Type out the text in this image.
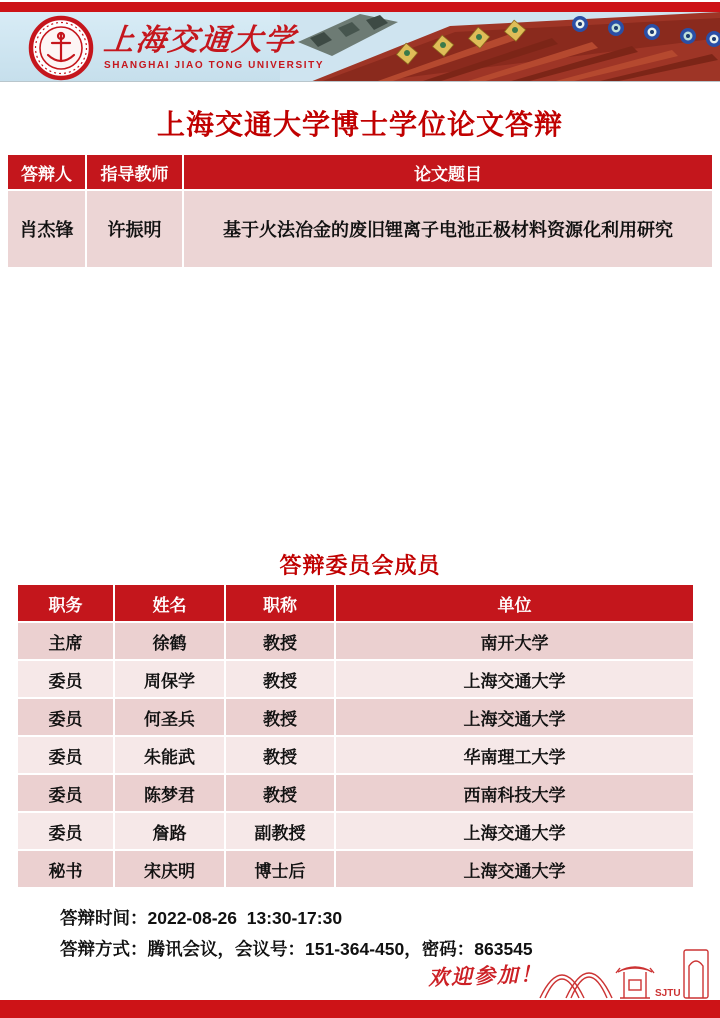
上海交通大学
SHANGHAI JIAO TONG UNIVERSITY
上海交通大学博士学位论文答辩
答辩人	指导教师	论文题目
肖杰锋	许振明	基于火法冶金的废旧锂离子电池正极材料资源化利用研究
答辩委员会成员
职务	姓名	职称	单位
主席	徐鹤	教授	南开大学
委员	周保学	教授	上海交通大学
委员	何圣兵	教授	上海交通大学
委员	朱能武	教授	华南理工大学
委员	陈梦君	教授	西南科技大学
委员	詹路	副教授	上海交通大学
秘书	宋庆明	博士后	上海交通大学
答辩时间：2022-08-26  13:30-17:30
答辩方式：腾讯会议，会议号：151-364-450，密码：863545
欢迎参加！
SJTU
